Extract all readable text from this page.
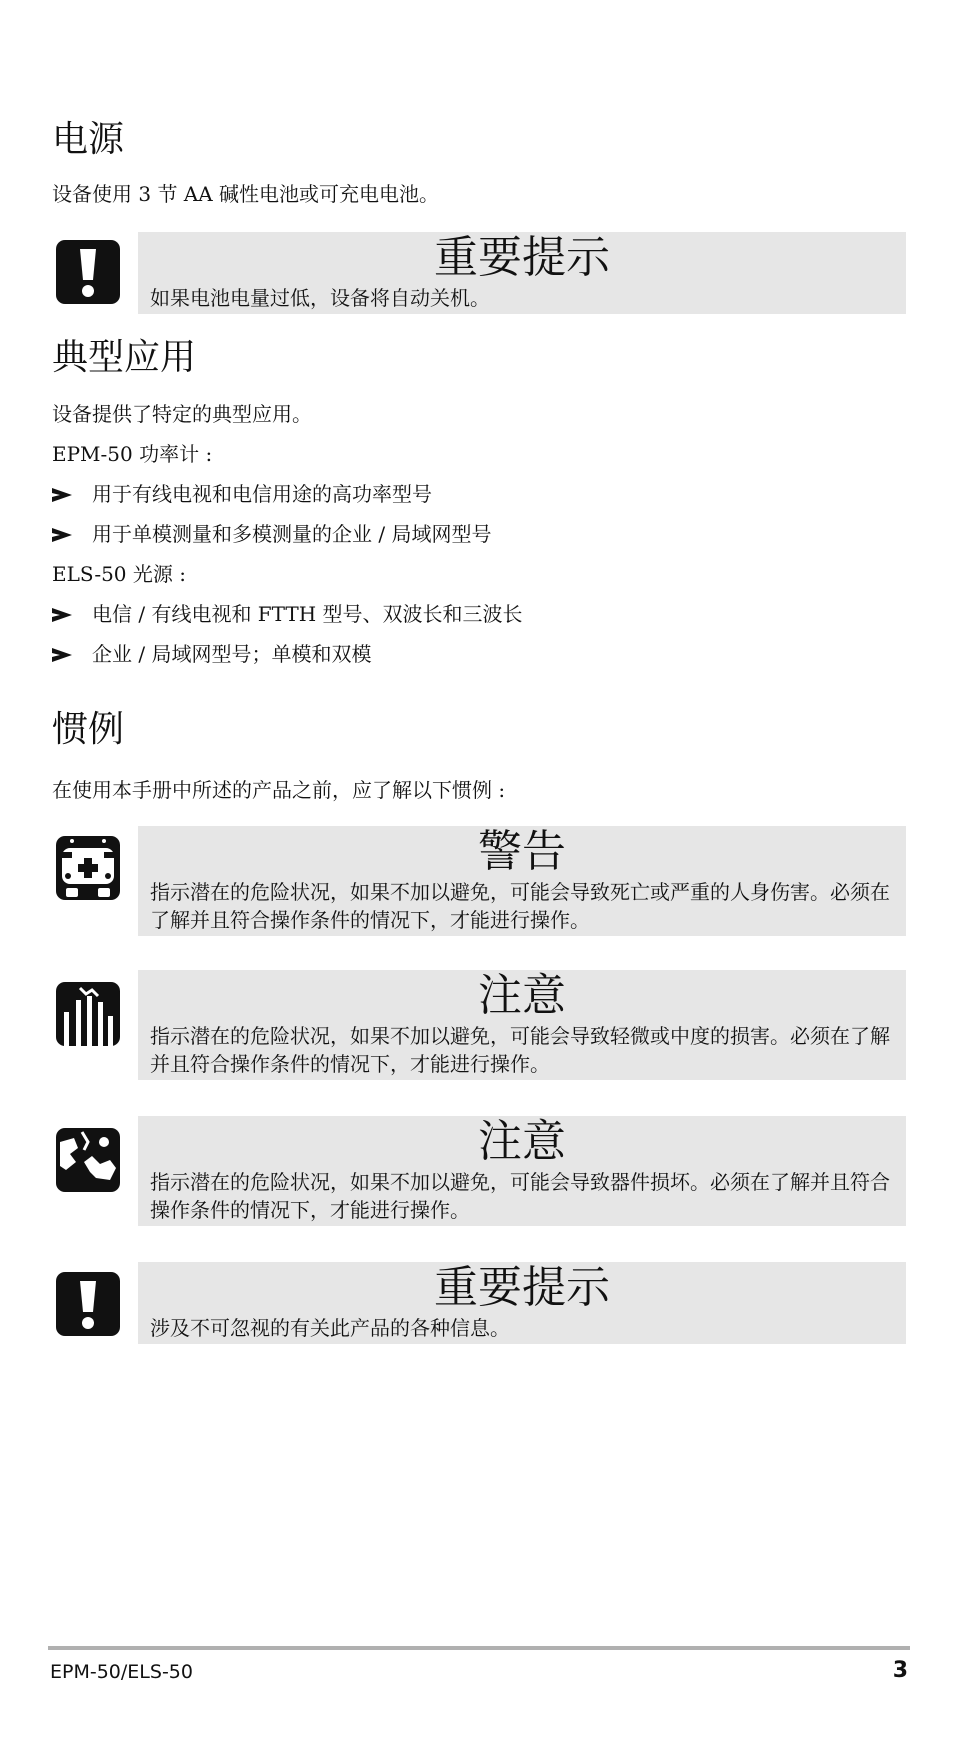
电源

设备使用 3 节 AA 碱性电池或可充电电池。

重要提示
如果电池电量过低，设备将自动关机。
典型应用

设备提供了特定的典型应用。

EPM-50 功率计 :

用于有线电视和电信用途的高功率型号
用于单模测量和多模测量的企业 / 局域网型号

ELS-50 光源 :

电信 / 有线电视和 FTTH 型号、双波长和三波长
企业 / 局域网型号；单模和双模
惯例

在使用本手册中所述的产品之前，应了解以下惯例 :

警告
指示潜在的危险状况，如果不加以避免，可能会导致死亡或严重的人身伤害。必须在了解并且符合操作条件的情况下，才能进行操作。
注意
指示潜在的危险状况，如果不加以避免，可能会导致轻微或中度的损害。必须在了解并且符合操作条件的情况下，才能进行操作。
注意
指示潜在的危险状况，如果不加以避免，可能会导致器件损坏。必须在了解并且符合操作条件的情况下，才能进行操作。
重要提示
涉及不可忽视的有关此产品的各种信息。
EPM-50/ELS-50	3
